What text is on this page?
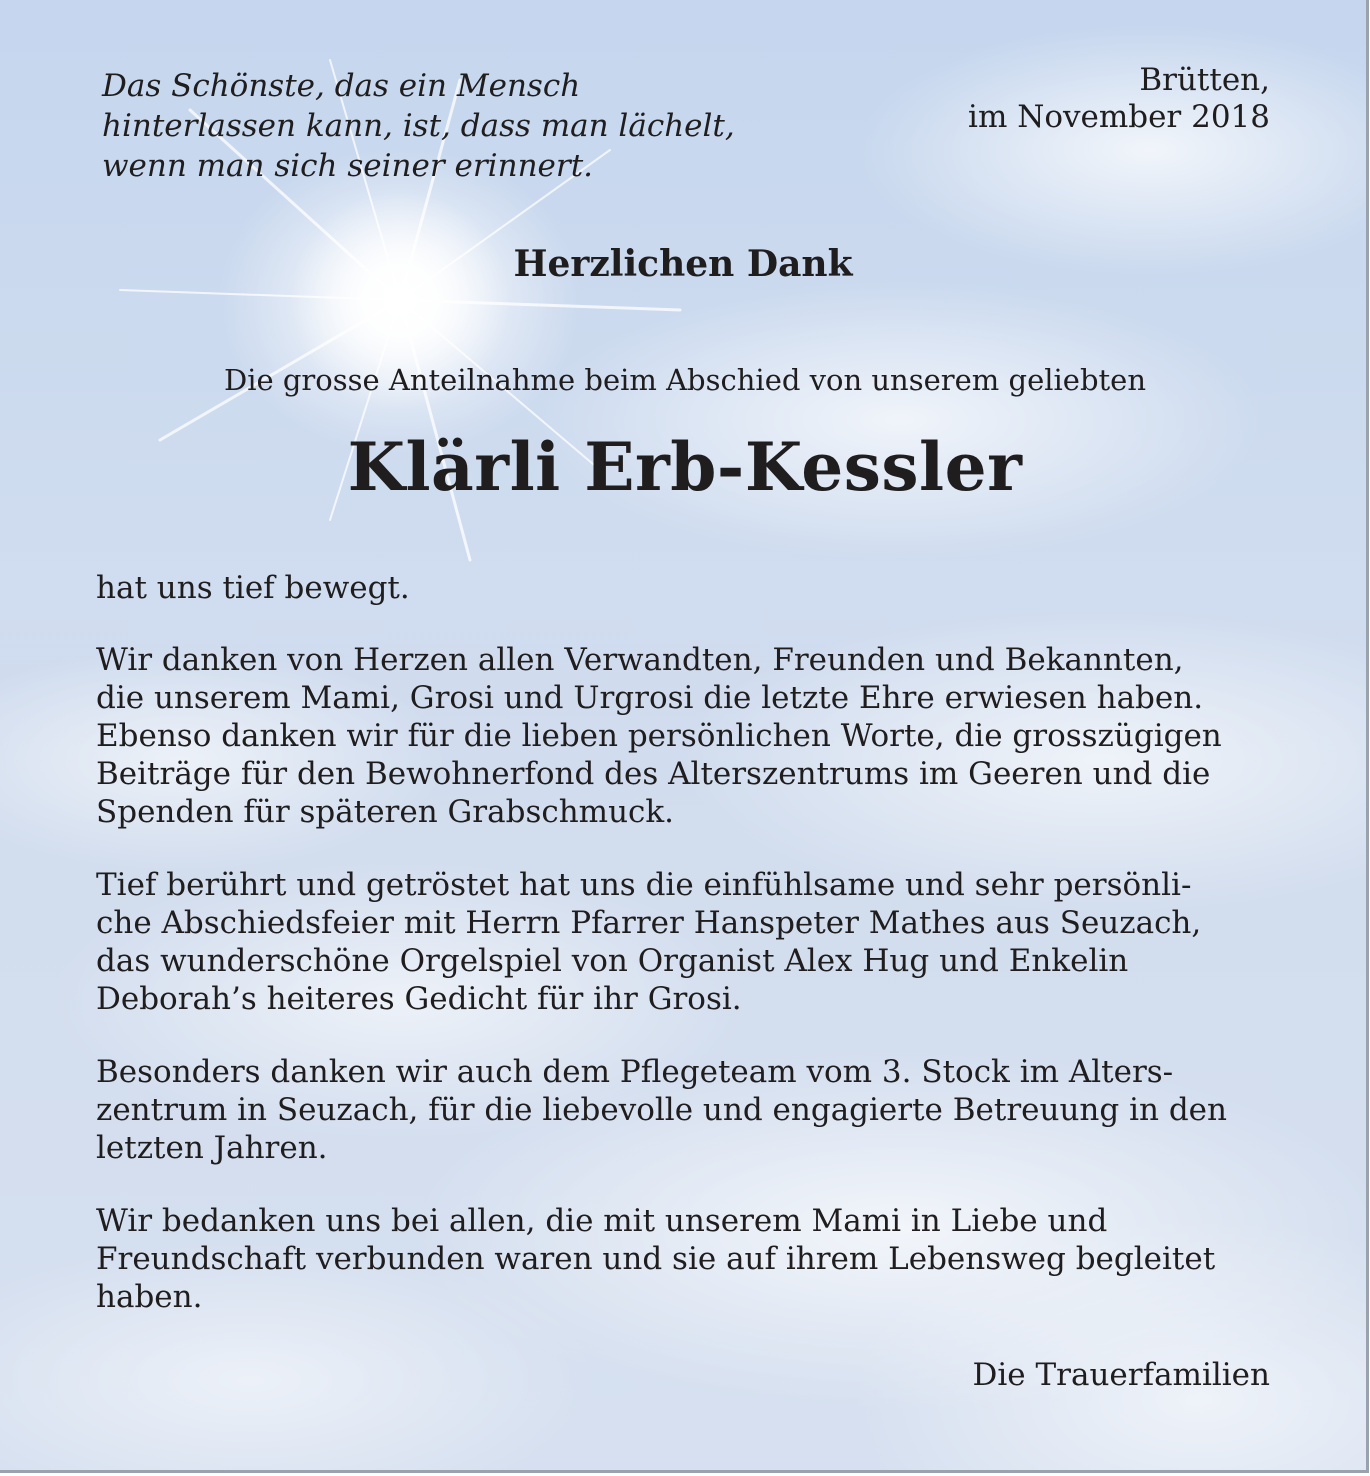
Das Schönste, das ein Mensch
hinterlassen kann, ist, dass man lächelt,
wenn man sich seiner erinnert.
Brütten,
im November 2018
Herzlichen Dank
Die grosse Anteilnahme beim Abschied von unserem geliebten
Klärli Erb-Kessler
hat uns tief bewegt.
Wir danken von Herzen allen Verwandten, Freunden und Bekannten,
die unserem Mami, Grosi und Urgrosi die letzte Ehre erwiesen haben.
Ebenso danken wir für die lieben persönlichen Worte, die grosszügigen
Beiträge für den Bewohnerfond des Alterszentrums im Geeren und die
Spenden für späteren Grabschmuck.
Tief berührt und getröstet hat uns die einfühlsame und sehr persönli-
che Abschiedsfeier mit Herrn Pfarrer Hanspeter Mathes aus Seuzach,
das wunderschöne Orgelspiel von Organist Alex Hug und Enkelin
Deborah’s heiteres Gedicht für ihr Grosi.
Besonders danken wir auch dem Pflegeteam vom 3. Stock im Alters-
zentrum in Seuzach, für die liebevolle und engagierte Betreuung in den
letzten Jahren.
Wir bedanken uns bei allen, die mit unserem Mami in Liebe und
Freundschaft verbunden waren und sie auf ihrem Lebensweg begleitet
haben.
Die Trauerfamilien
